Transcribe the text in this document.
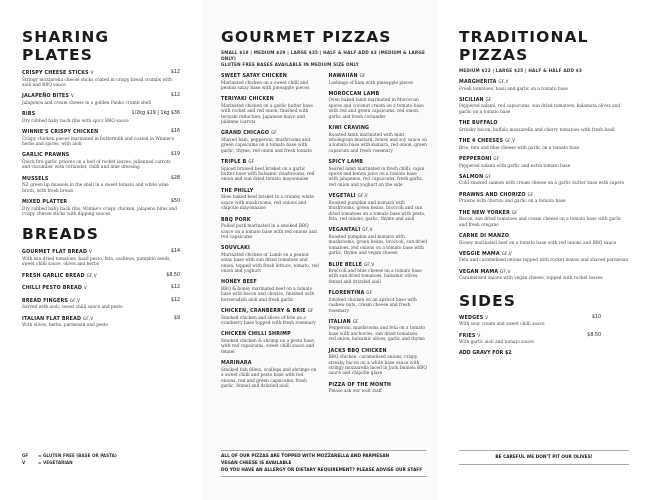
SHARING PLATES
CRISPY CHEESE STICKS V	$12
Stringy mozzarella cheese sticks coated in crispy bread crumbs with aioli and BBQ sauce
JALAPEÑO BITES V	$12
Jalapenos and cream cheese in a golden Panko crumb shell
RIBS	1/2kg $19 | 1kg $36
Dry rubbed baby back ribs with spicy BBQ sauce
WINNIE'S CRISPY CHICKEN	$16
Crispy chicken pieces marinated in buttermilk and coated in Winnie's herbs and spices, with aioli
GARLIC PRAWNS	$19
Quick fire garlic prawns on a bed of rocket leaves, julienned carrots and cucumber with coriander, chilli and lime dressing
MUSSELS	$28
NZ green lip mussels in the shell in a sweet tomato and white wine broth, with fresh bread
MIXED PLATTER	$50
Dry rubbed baby back ribs, Winnie's crispy chicken, jalapeno bites and crispy cheese sticks with dipping sauces
BREADS
GOURMET FLAT BREAD V	$14
With sun-dried tomatoes, basil pesto, feta, cashews, pumpkin seeds, sweet chilli sauce, olives and herbs
FRESH GARLIC BREAD GF,V	$8.50
CHILLI PESTO BREAD V	$12
BREAD FINGERS GF,V	$12
Served with aioli, sweet chilli sauce and pesto
ITALIAN FLAT BREAD GF,V	$9
With olives, herbs, parmesan and pesto
GF = GLUTEN FREE (BASE OR PASTA)
V	= VEGETARIAN
GOURMET PIZZAS
SMALL $18 | MEDIUM $29 | LARGE $35 | HALF & HALF ADD $3 (MEDIUM & LARGE ONLY)
GLUTEN FREE BASES AVAILABLE IN MEDIUM SIZE ONLY
SWEET SATAY CHICKEN
Marinated chicken on a sweet chilli and peanut satay base with pineapple pieces
TERIYAKI CHICKEN
Marinated chicken on a garlic butter base with rocket and red onion, finished with teriyaki reduction, Japanese mayo and julienne carrots
GRAND CHICAGO GF
Shaved ham, pepperoni, mushrooms and green capsicums on a tomato base with garlic, thyme, red onion and fresh tomato
TRIPLE B GF
Spiced braised beef brisket on a garlic butter base with balsamic mushrooms, red onion and sun dried tomato mayonnaise
THE PHILLY
Slow baked beef brisket in a creamy white sauce with mushrooms, red onions and chipotle mayonnaise
BBQ PORK
Pulled pork marinated in a smoked BBQ sauce on a tomato base with red onions and red capsicums
SOUVLAKI
Marinated chicken or Lamb on a peanut satay base with sun dried tomatoes and onion, topped with fresh lettuce, tomato, red onion and yoghurt
HONEY BEEF
BBQ & honey marinated beef on a tomato base with bacon and chorizo, finished with horseradish aioli and fresh garlic
CHICKEN, CRANBERRY & BRIE GF
Smoked chicken and slices of brie on a cranberry base topped with fresh rosemary
CHICKEN CHILLI SHRIMP
Smoked chicken & shrimp on a pesto base, with red capsicums, sweet chilli sauce and fennel
MARINARA
Smoked fish fillets, scallops and shrimps on a sweet chilli and pesto base with red onions, red and green capsicums, fresh garlic, fennel and drizzled aioli
HAWAIIAN GF
Lashings of ham with pineapple pieces
MOROCCAN LAMB
Oven baked lamb marinated in Moroccan spices and coconut cream on a tomato base with red and green capsicums, red onion, garlic and fresh coriander
KIWI CRAVING
Roasted lamb marinated with mint, wholegrain mustard, honey and soy sauce on a tomato base with kumara, red onion, green capsicum and fresh rosemary
SPICY LAMB
Seared lamb marinated in fresh chilli, cajun spices and lemon juice on a tomato base with jalapenos, red capsicums, fresh garlic, red onion and yoghurt on the side
VEGETALI GF,V
Roasted pumpkin and kumara with mushrooms, green beans, broccoli and sun dried tomatoes on a tomato base with pesto, feta, red onions, garlic, thyme and aioli
VEGANTALI GF,V
Roasted pumpkin and kumara with mushrooms, green beans, broccoli, sun dried tomatoes, red onions on a tomato base with garlic, thyme and vegan cheese
BLUE BELLE GF,V
Broccoli and blue cheese on a tomato base with sun dried tomatoes, balsamic olives, fennel and drizzled aioli
FLORENTINA GF
Smoked chicken on an apricot base with cashew nuts, cream cheese and fresh rosemary
ITALIAN GF
Pepperoni, mushrooms and feta on a tomato base with anchovies, sun dried tomatoes, red onion, balsamic olives, garlic and thyme
JACKS BBQ CHICKEN
BBQ chicken, caramelised onions, crispy streaky bacon on a white base sauce with stringy mozzarella laced in Jack Daniels BBQ sauce and chipotle glaze
PIZZA OF THE MONTH
Please ask our wait staff
ALL OF OUR PIZZAS ARE TOPPED WITH MOZZARELLA AND PARMESAN
VEGAN CHEESE IS AVAILABLE
DO YOU HAVE AN ALLERGY OR DIETARY REQUIREMENT? PLEASE ADVISE OUR STAFF
TRADITIONAL PIZZAS
MEDIUM $22 | LARGE $25 | HALF & HALF ADD $3
MARGHERITA GF,V
Fresh tomatoes, basil and garlic on a tomato base
SICILIAN GF
Peppered salami, red capsicums, sun dried tomatoes, kalamata olives and garlic on a tomato base
THE BUFFALO
Streaky bacon, buffalo mozzarella and cherry tomatoes with fresh basil
THE 4 CHEESES GF,V
Brie, feta and blue cheese with garlic on a tomato base
PEPPERONI GF
Peppered salami with garlic and extra tomato base
SALMON GF
Cold smoked salmon with cream cheese on a garlic butter base with capers
PRAWNS AND CHORIZO GF
Prawns with chorizo and garlic on a tomato base
THE NEW YORKER GF
Bacon, sun dried tomatoes and cream cheese on a tomato base with garlic and fresh oregano
CARNE DI MANZO
Honey marinated beef on a tomato base with red onions and BBQ sauce
VEGGIE MAMA GF,V
Feta and caramelised onions topped with rocket leaves and shaved parmesan
VEGAN MAMA GF,V
Caramelised onions with vegan cheese, topped with rocket leaves
SIDES
WEDGES V	$10
With sour cream and sweet chilli sauce
FRIES V	$8.50
With garlic aioli and tomato sauce
ADD GRAVY FOR $2
BE CAREFUL WE DON'T PIT OUR OLIVES!
